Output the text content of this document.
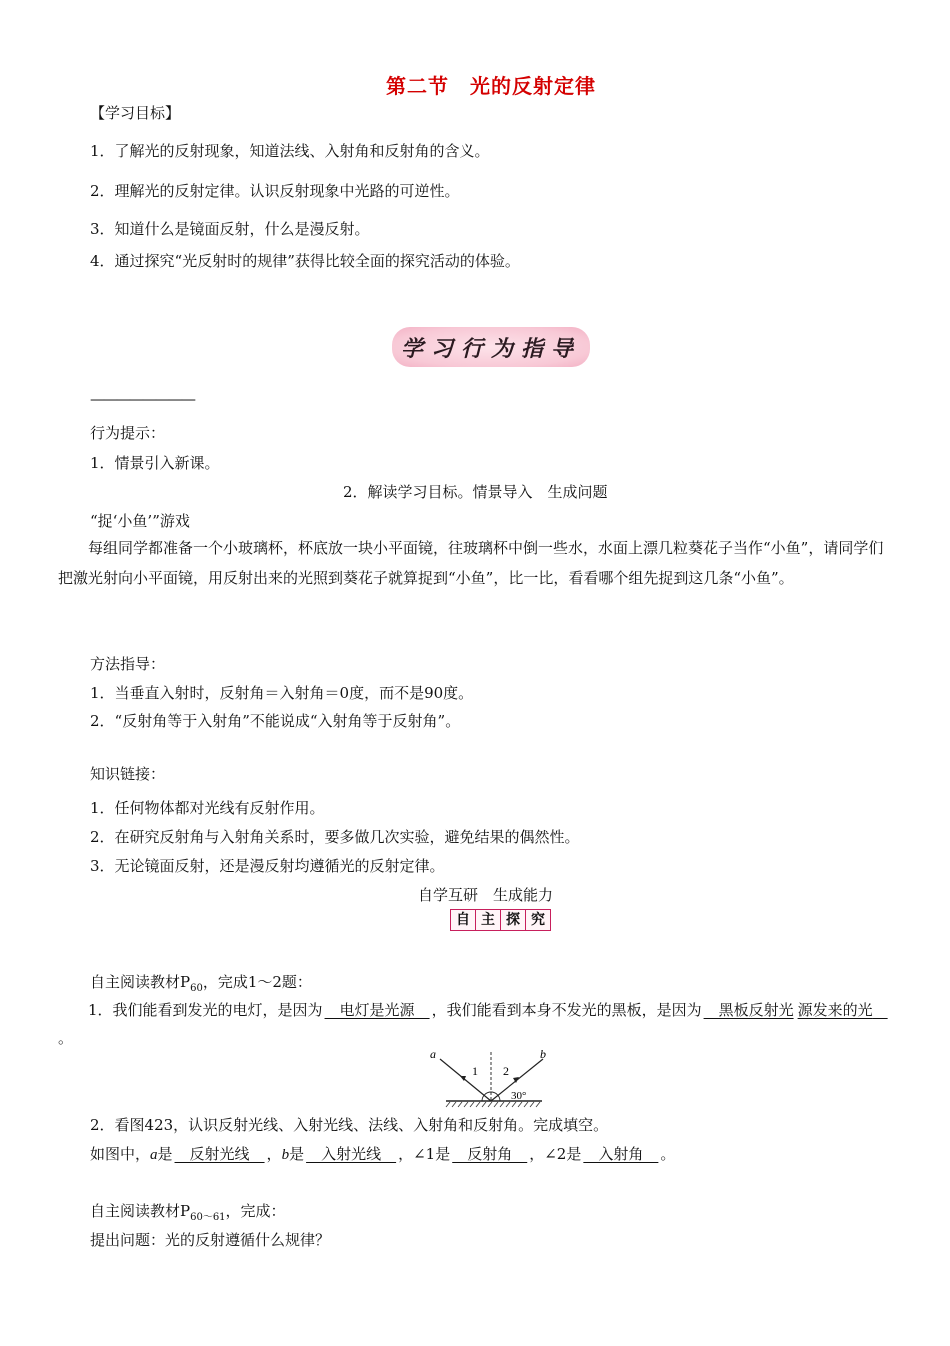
第二节　光的反射定律
【学习目标】
1．了解光的反射现象，知道法线、入射角和反射角的含义。
2．理解光的反射定律。认识反射现象中光路的可逆性。
3．知道什么是镜面反射，什么是漫反射。
4．通过探究“光反射时的规律”获得比较全面的探究活动的体验。
学习行为指导
————————
行为提示：
1．情景引入新课。
2．解读学习目标。情景导入　生成问题
“捉‘小鱼’”游戏
每组同学都准备一个小玻璃杯，杯底放一块小平面镜，往玻璃杯中倒一些水，水面上漂几粒葵花子当作“小鱼”，请同学们把激光射向小平面镜，用反射出来的光照到葵花子就算捉到“小鱼”，比一比，看看哪个组先捉到这几条“小鱼”。
方法指导：
1．当垂直入射时，反射角＝入射角＝0度，而不是90度。
2．“反射角等于入射角”不能说成“入射角等于反射角”。
知识链接：
1．任何物体都对光线有反射作用。
2．在研究反射角与入射角关系时，要多做几次实验，避免结果的偶然性。
3．无论镜面反射，还是漫反射均遵循光的反射定律。
自学互研　生成能力
自 主 探 究
自主阅读教材$P_{60}$，完成1～2题：
1．我们能看到发光的电灯，是因为　电灯是光源　，我们能看到本身不发光的黑板，是因为　黑板反射光 源发来的光　。
a	b
1 2
30°
2．看图423，认识反射光线、入射光线、法线、入射角和反射角。完成填空。
如图中，a是　反射光线　，b是　入射光线　，∠1是　反射角　，∠2是　入射角　。
自主阅读教材$P_{60\sim 61}$，完成：
提出问题：光的反射遵循什么规律？
